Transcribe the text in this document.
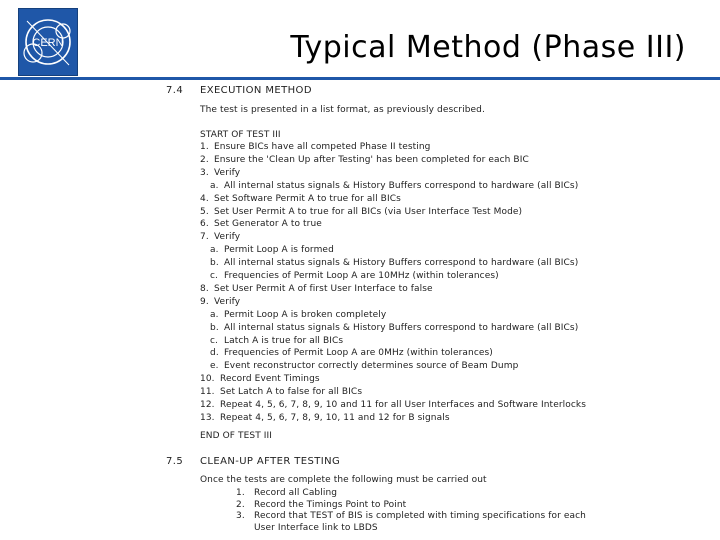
CERN	Typical Method (Phase III)
7.4 EXECUTION METHOD
The test is presented in a list format, as previously described.
START OF TEST III
1. Ensure BICs have all competed Phase II testing
2. Ensure the 'Clean Up after Testing' has been completed for each BIC
3. Verify
a. All internal status signals & History Buffers correspond to hardware (all BICs)
4. Set Software Permit A to true for all BICs
5. Set User Permit A to true for all BICs (via User Interface Test Mode)
6. Set Generator A to true
7. Verify
a. Permit Loop A is formed
b. All internal status signals & History Buffers correspond to hardware (all BICs)
c. Frequencies of Permit Loop A are 10MHz (within tolerances)
8. Set User Permit A of first User Interface to false
9. Verify
a. Permit Loop A is broken completely
b. All internal status signals & History Buffers correspond to hardware (all BICs)
c. Latch A is true for all BICs
d. Frequencies of Permit Loop A are 0MHz (within tolerances)
e. Event reconstructor correctly determines source of Beam Dump
10. Record Event Timings
11. Set Latch A to false for all BICs
12. Repeat 4, 5, 6, 7, 8, 9, 10 and 11 for all User Interfaces and Software Interlocks
13. Repeat 4, 5, 6, 7, 8, 9, 10, 11 and 12 for B signals
END OF TEST III
7.5 CLEAN-UP AFTER TESTING
Once the tests are complete the following must be carried out
1. Record all Cabling
2. Record the Timings Point to Point
3. Record that TEST of BIS is completed with timing specifications for each
User Interface link to LBDS
